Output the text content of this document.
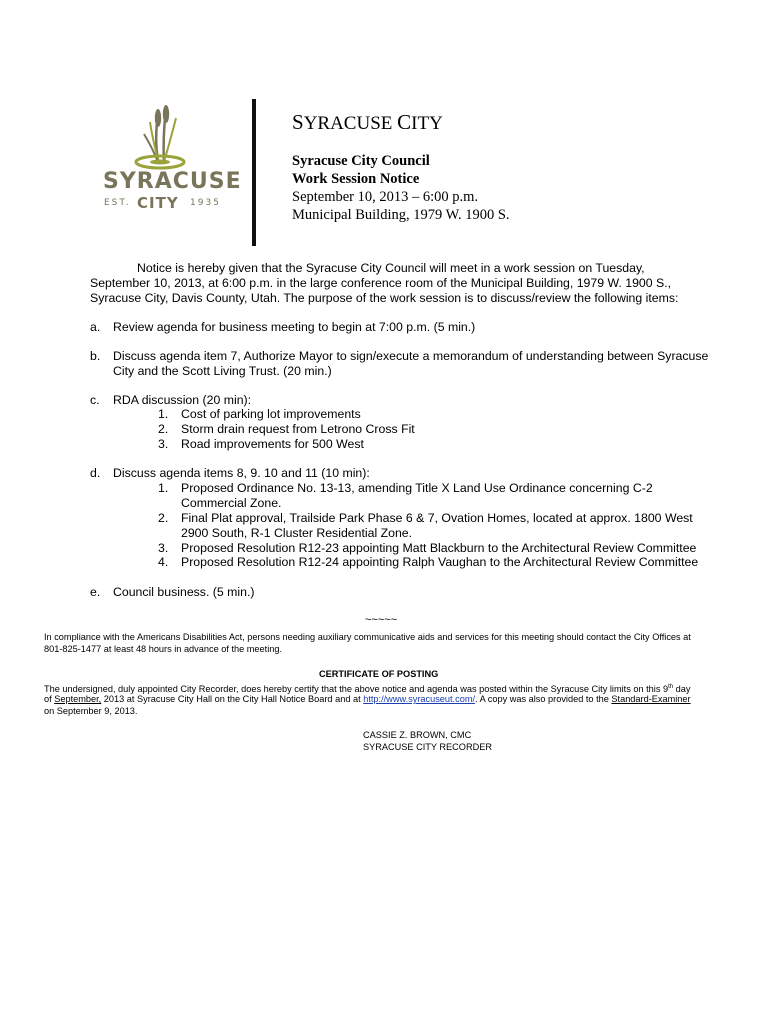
SYRACUSE
EST. CITY 1935
SYRACUSE CITY
Syracuse City Council
Work Session Notice
September 10, 2013 – 6:00 p.m.
Municipal Building, 1979 W. 1900 S.
Notice is hereby given that the Syracuse City Council will meet in a work session on Tuesday,
September 10, 2013, at 6:00 p.m. in the large conference room of the Municipal Building, 1979 W. 1900 S.,
Syracuse City, Davis County, Utah. The purpose of the work session is to discuss/review the following items:
a. Review agenda for business meeting to begin at 7:00 p.m. (5 min.)
b. Discuss agenda item 7, Authorize Mayor to sign/execute a memorandum of understanding between Syracuse
City and the Scott Living Trust. (20 min.)
c. RDA discussion (20 min):
1. Cost of parking lot improvements
2. Storm drain request from Letrono Cross Fit
3. Road improvements for 500 West
d. Discuss agenda items 8, 9. 10 and 11 (10 min):
1. Proposed Ordinance No. 13-13, amending Title X Land Use Ordinance concerning C-2
Commercial Zone.
2. Final Plat approval, Trailside Park Phase 6 & 7, Ovation Homes, located at approx. 1800 West
2900 South, R-1 Cluster Residential Zone.
3. Proposed Resolution R12-23 appointing Matt Blackburn to the Architectural Review Committee
4. Proposed Resolution R12-24 appointing Ralph Vaughan to the Architectural Review Committee
e. Council business. (5 min.)
~~~~~
In compliance with the Americans Disabilities Act, persons needing auxiliary communicative aids and services for this meeting should contact the City Offices at
801-825-1477 at least 48 hours in advance of the meeting.
CERTIFICATE OF POSTING
The undersigned, duly appointed City Recorder, does hereby certify that the above notice and agenda was posted within the Syracuse City limits on this 9th day
of September, 2013 at Syracuse City Hall on the City Hall Notice Board and at http://www.syracuseut.com/. A copy was also provided to the Standard-Examiner
on September 9, 2013.
CASSIE Z. BROWN, CMC
SYRACUSE CITY RECORDER
